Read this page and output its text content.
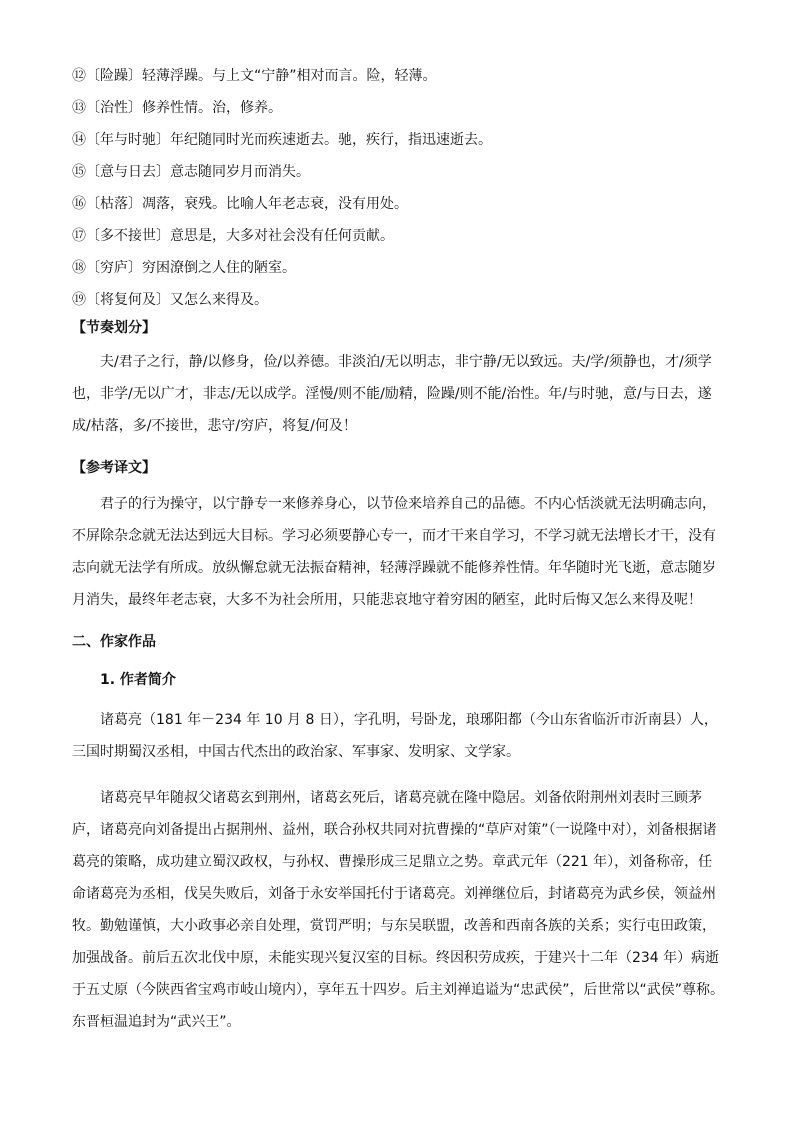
⑫〔险躁〕轻薄浮躁。与上文“宁静”相对而言。险，轻薄。
⑬〔治性〕修养性情。治，修养。
⑭〔年与时驰〕年纪随同时光而疾速逝去。驰，疾行，指迅速逝去。
⑮〔意与日去〕意志随同岁月而消失。
⑯〔枯落〕凋落，衰残。比喻人年老志衰，没有用处。
⑰〔多不接世〕意思是，大多对社会没有任何贡献。
⑱〔穷庐〕穷困潦倒之人住的陋室。
⑲〔将复何及〕又怎么来得及。
【节奏划分】

夫/君子之行，静/以修身，俭/以养德。非淡泊/无以明志，非宁静/无以致远。夫/学/须静也，才/须学也，非学/无以广才，非志/无以成学。淫慢/则不能/励精，险躁/则不能/治性。年/与时驰，意/与日去，遂成/枯落，多/不接世，悲守/穷庐，将复/何及！

【参考译文】

君子的行为操守，以宁静专一来修养身心，以节俭来培养自己的品德。不内心恬淡就无法明确志向，不屏除杂念就无法达到远大目标。学习必须要静心专一，而才干来自学习，不学习就无法增长才干，没有志向就无法学有所成。放纵懈怠就无法振奋精神，轻薄浮躁就不能修养性情。年华随时光飞逝，意志随岁月消失，最终年老志衰，大多不为社会所用，只能悲哀地守着穷困的陋室，此时后悔又怎么来得及呢！

二、作家作品
1. 作者简介

诸葛亮（181 年－234 年 10 月 8 日），字孔明，号卧龙，琅琊阳都（今山东省临沂市沂南县）人，三国时期蜀汉丞相，中国古代杰出的政治家、军事家、发明家、文学家。

诸葛亮早年随叔父诸葛玄到荆州，诸葛玄死后，诸葛亮就在隆中隐居。刘备依附荆州刘表时三顾茅庐，诸葛亮向刘备提出占据荆州、益州，联合孙权共同对抗曹操的“草庐对策”（一说隆中对），刘备根据诸葛亮的策略，成功建立蜀汉政权，与孙权、曹操形成三足鼎立之势。章武元年（221 年），刘备称帝，任命诸葛亮为丞相，伐吴失败后，刘备于永安举国托付于诸葛亮。刘禅继位后，封诸葛亮为武乡侯，领益州牧。勤勉谨慎，大小政事必亲自处理，赏罚严明；与东吴联盟，改善和西南各族的关系；实行屯田政策，加强战备。前后五次北伐中原，未能实现兴复汉室的目标。终因积劳成疾，于建兴十二年（234 年）病逝于五丈原（今陕西省宝鸡市岐山境内），享年五十四岁。后主刘禅追谥为“忠武侯”，后世常以“武侯”尊称。东晋桓温追封为“武兴王”。
